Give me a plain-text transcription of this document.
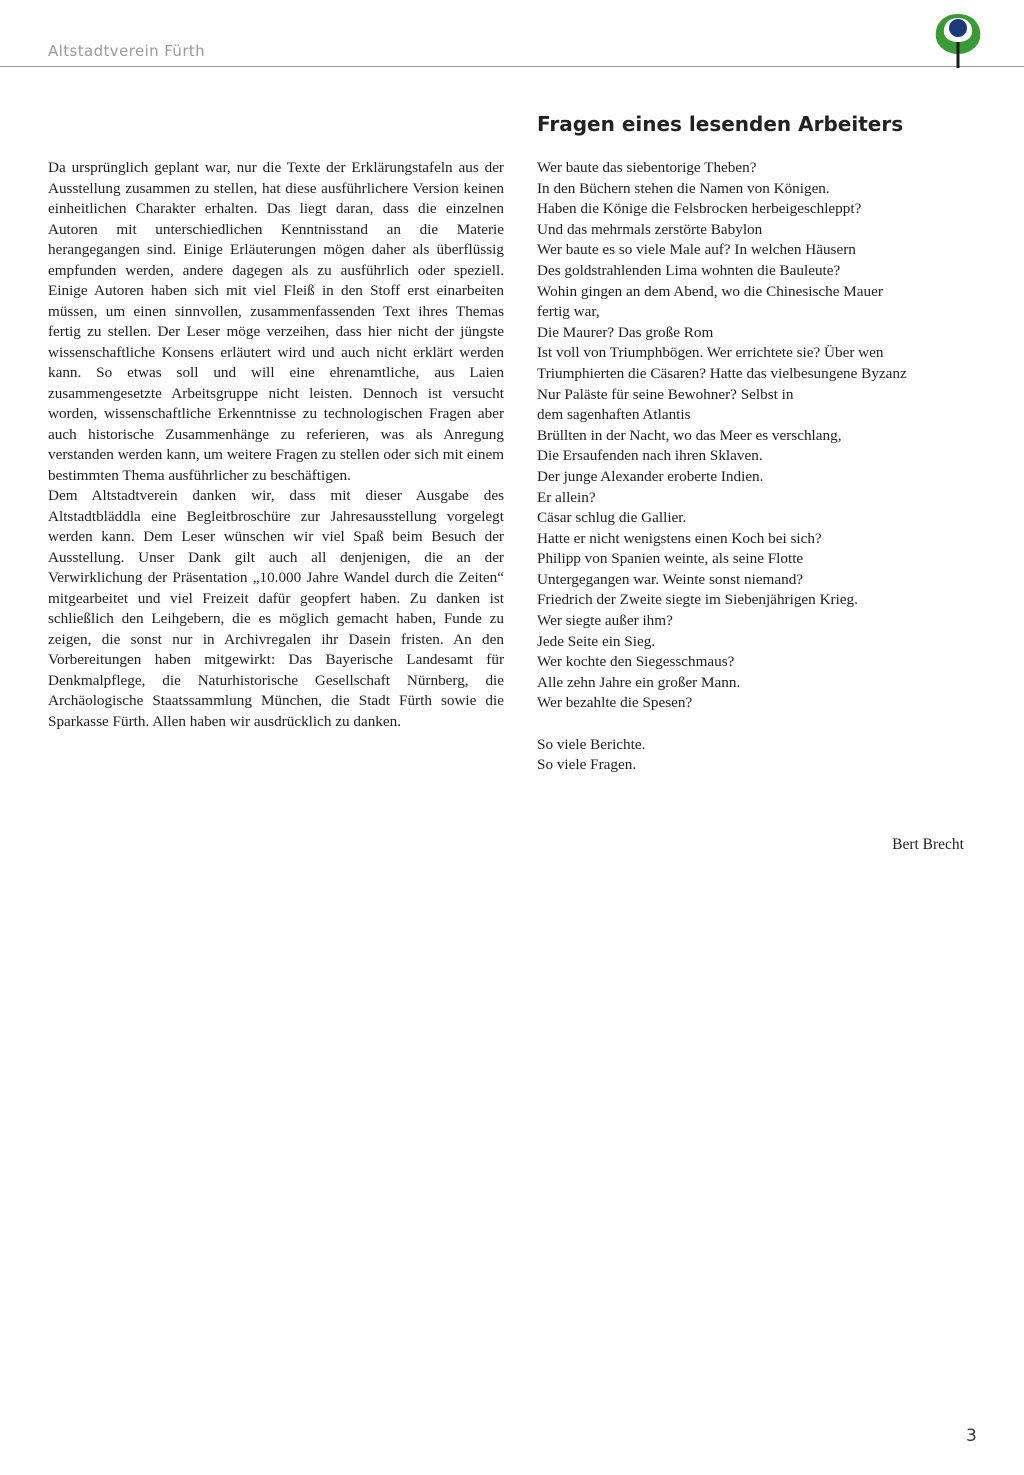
Altstadtverein Fürth

Da ursprünglich geplant war, nur die Texte der Erklärungstafeln aus der Ausstellung zusammen zu stellen, hat diese ausführlichere Version keinen einheitlichen Charakter erhalten. Das liegt daran, dass die einzelnen Autoren mit unterschiedlichen Kenntnisstand an die Materie herangegangen sind. Einige Erläuterungen mögen daher als überflüssig empfunden werden, andere dagegen als zu ausführlich oder speziell. Einige Autoren haben sich mit viel Fleiß in den Stoff erst einarbeiten müssen, um einen sinnvollen, zusammenfassenden Text ihres Themas fertig zu stellen. Der Leser möge verzeihen, dass hier nicht der jüngste wissenschaftliche Konsens erläutert wird und auch nicht erklärt werden kann. So etwas soll und will eine ehrenamtliche, aus Laien zusammengesetzte Arbeitsgruppe nicht leisten. Dennoch ist versucht worden, wissenschaftliche Erkenntnisse zu technologischen Fragen aber auch historische Zusammenhänge zu referieren, was als Anregung verstanden werden kann, um weitere Fragen zu stellen oder sich mit einem bestimmten Thema ausführlicher zu beschäftigen.

Dem Altstadtverein danken wir, dass mit dieser Ausgabe des Altstadtbläddla eine Begleitbroschüre zur Jahresausstellung vorgelegt werden kann. Dem Leser wünschen wir viel Spaß beim Besuch der Ausstellung. Unser Dank gilt auch all denjenigen, die an der Verwirklichung der Präsentation „10.000 Jahre Wandel durch die Zeiten“ mitgearbeitet und viel Freizeit dafür geopfert haben. Zu danken ist schließlich den Leihgebern, die es möglich gemacht haben, Funde zu zeigen, die sonst nur in Archivregalen ihr Dasein fristen. An den Vorbereitungen haben mitgewirkt: Das Bayerische Landesamt für Denkmalpflege, die Naturhistorische Gesellschaft Nürnberg, die Archäologische Staatssammlung München, die Stadt Fürth sowie die Sparkasse Fürth. Allen haben wir ausdrücklich zu danken.

Fragen eines lesenden Arbeiters
Wer baute das siebentorige Theben?
In den Büchern stehen die Namen von Königen.
Haben die Könige die Felsbrocken herbeigeschleppt?
Und das mehrmals zerstörte Babylon
Wer baute es so viele Male auf? In welchen Häusern
Des goldstrahlenden Lima wohnten die Bauleute?
Wohin gingen an dem Abend, wo die Chinesische Mauer
fertig war,
Die Maurer? Das große Rom
Ist voll von Triumphbögen. Wer errichtete sie? Über wen
Triumphierten die Cäsaren? Hatte das vielbesungene Byzanz
Nur Paläste für seine Bewohner? Selbst in
dem sagenhaften Atlantis
Brüllten in der Nacht, wo das Meer es verschlang,
Die Ersaufenden nach ihren Sklaven.
Der junge Alexander eroberte Indien.
Er allein?
Cäsar schlug die Gallier.
Hatte er nicht wenigstens einen Koch bei sich?
Philipp von Spanien weinte, als seine Flotte
Untergegangen war. Weinte sonst niemand?
Friedrich der Zweite siegte im Siebenjährigen Krieg.
Wer siegte außer ihm?
Jede Seite ein Sieg.
Wer kochte den Siegesschmaus?
Alle zehn Jahre ein großer Mann.
Wer bezahlte die Spesen?
So viele Berichte.
So viele Fragen.
Bert Brecht
3
